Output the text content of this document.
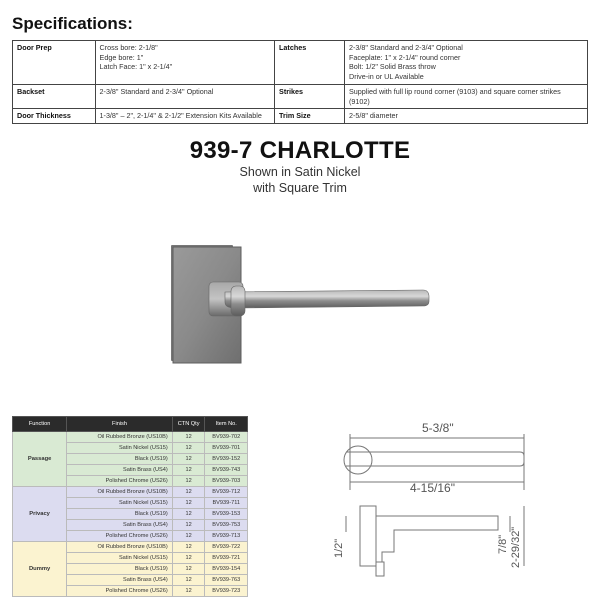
Specifications:
Door Prep	Cross bore: 2-1/8"
Edge bore: 1"
Latch Face: 1" x 2-1/4"	Latches	2-3/8" Standard and 2-3/4" Optional
Faceplate: 1" x 2-1/4" round corner
Bolt: 1/2" Solid Brass throw
Drive-in or UL Available

Backset	2-3/8" Standard and 2-3/4" Optional	Strikes	Supplied with full lip round corner (9103) and square corner strikes
(9102)

Door Thickness	1-3/8" – 2", 2-1/4" & 2-1/2" Extension Kits Available	Trim Size	2-5/8" diameter
939-7 CHARLOTTE
Shown in Satin Nickel
with Square Trim
Function	Finish	CTN Qty	Item No.
Passage	Oil Rubbed Bronze (US10B)	12	BV939-702
	Satin Nickel (US15)	12	BV939-701
	Black (US19)	12	BV939-152
	Satin Brass (US4)	12	BV939-743
	Polished Chrome (US26)	12	BV939-703
Privacy	Oil Rubbed Bronze (US10B)	12	BV939-712
	Satin Nickel (US15)	12	BV939-711
	Black (US19)	12	BV939-153
	Satin Brass (US4)	12	BV939-753
	Polished Chrome (US26)	12	BV939-713
Dummy	Oil Rubbed Bronze (US10B)	12	BV939-722
	Satin Nickel (US15)	12	BV939-721
	Black (US19)	12	BV939-154
	Satin Brass (US4)	12	BV939-763
	Polished Chrome (US26)	12	BV939-723
5-3/8"
4-15/16"
1/2"	7/8" 2-29/32"
